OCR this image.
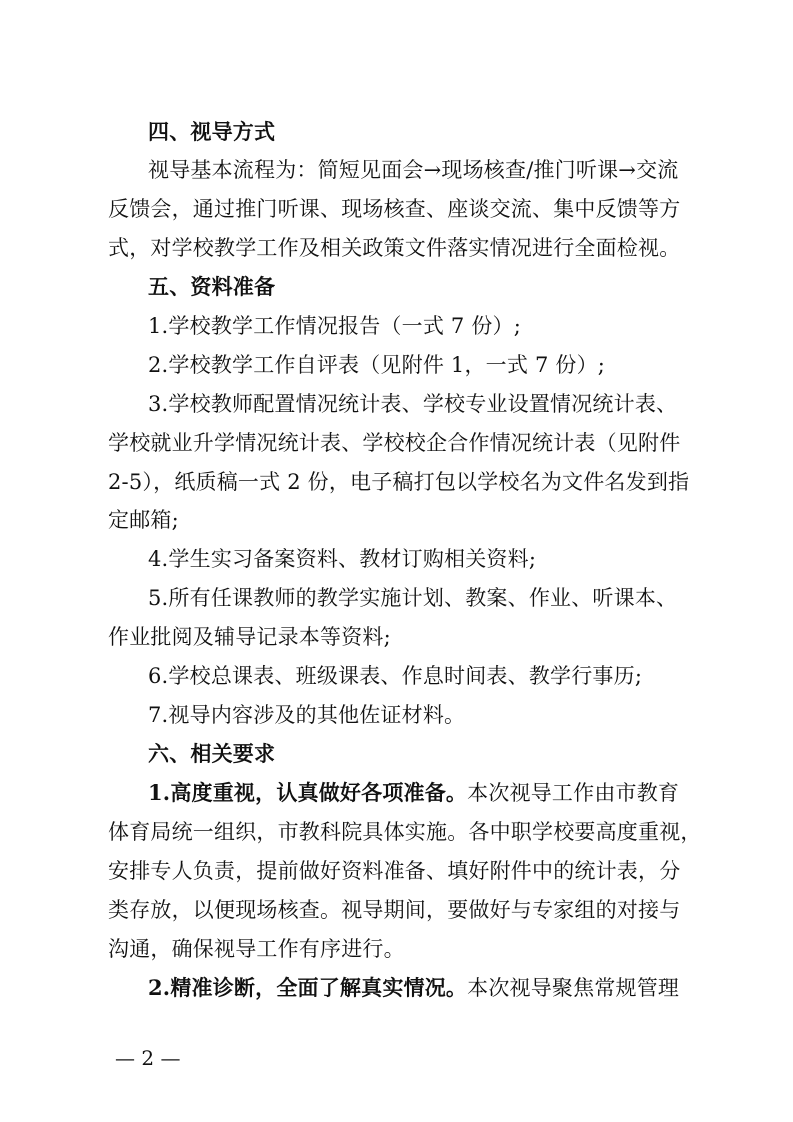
四、视导方式
视导基本流程为：简短见面会→现场核查/推门听课→交流
反馈会，通过推门听课、现场核查、座谈交流、集中反馈等方
式，对学校教学工作及相关政策文件落实情况进行全面检视。
五、资料准备
1.学校教学工作情况报告（一式 7 份）;
2.学校教学工作自评表（见附件 1，一式 7 份）;
3.学校教师配置情况统计表、学校专业设置情况统计表、
学校就业升学情况统计表、学校校企合作情况统计表（见附件
2-5），纸质稿一式 2 份，电子稿打包以学校名为文件名发到指
定邮箱;
4.学生实习备案资料、教材订购相关资料;
5.所有任课教师的教学实施计划、教案、作业、听课本、
作业批阅及辅导记录本等资料;
6.学校总课表、班级课表、作息时间表、教学行事历;
7.视导内容涉及的其他佐证材料。
六、相关要求
1.高度重视，认真做好各项准备。本次视导工作由市教育
体育局统一组织，市教科院具体实施。各中职学校要高度重视，
安排专人负责，提前做好资料准备、填好附件中的统计表，分
类存放，以便现场核查。视导期间，要做好与专家组的对接与
沟通，确保视导工作有序进行。
2.精准诊断，全面了解真实情况。本次视导聚焦常规管理
— 2 —
